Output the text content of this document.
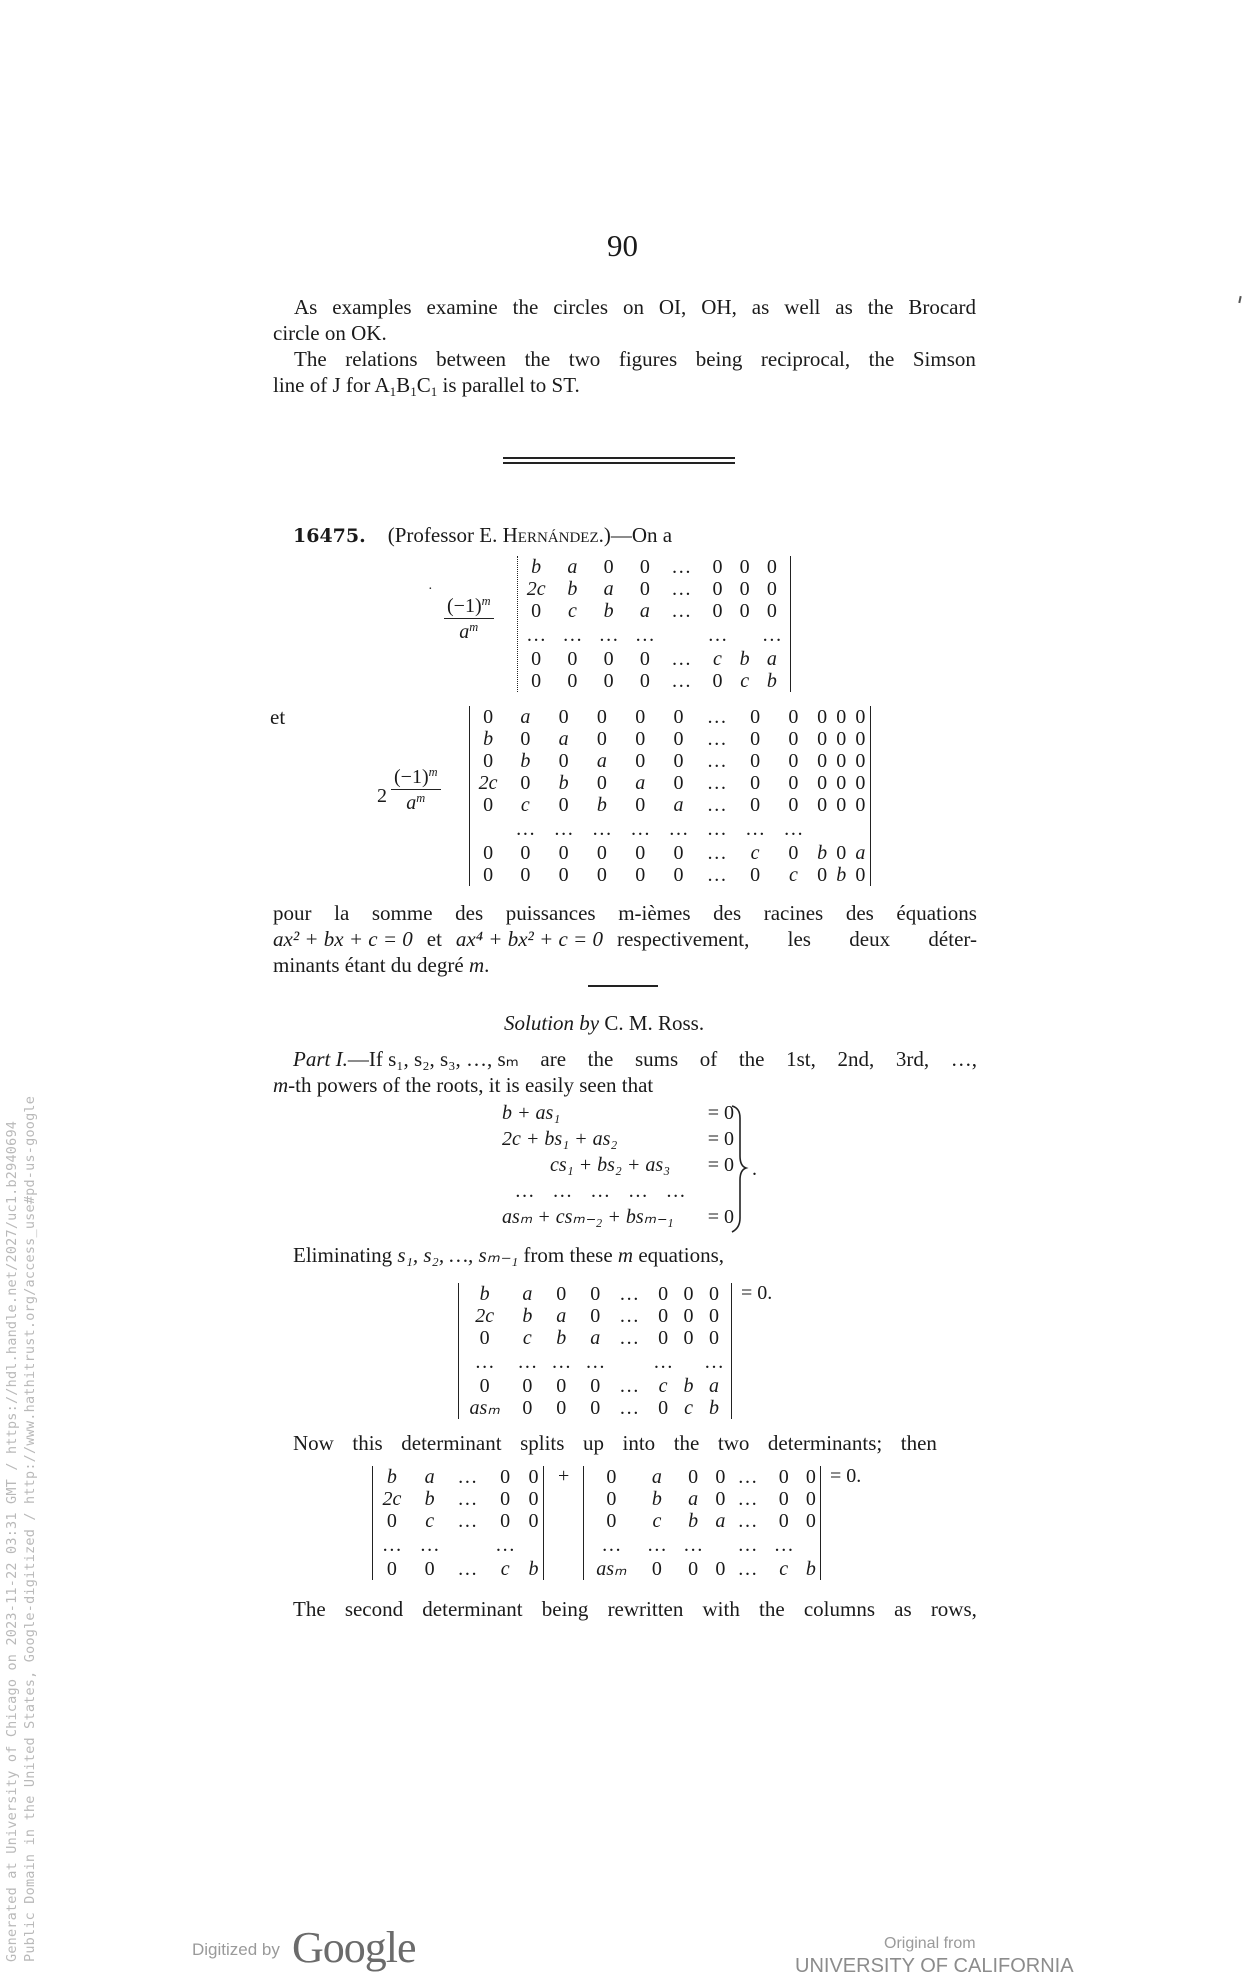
90
As examples examine the circles on OI, OH, as well as the Brocard
circle on OK.
The relations between the two figures being reciprocal, the Simson
line of J for $A_1B_1C_1$ is parallel to ST.
16475. (Professor E. Hernández.)—On a
·
$\frac{(-1)^m}{a^m}$
b	a	0	0	…	0	0	0
2c	b	a	0	…	0	0	0
0	c	b	a	…	0	0	0
…	…	…	…		…		…
0	0	0	0	…	c	b	a
0	0	0	0	…	0	c	b
et
$2 \frac{(-1)^m}{a^m}$
0	a	0	0	0	0	…	0	0	0	0	0
b	0	a	0	0	0	…	0	0	0	0	0
0	b	0	a	0	0	…	0	0	0	0	0
2c	0	b	0	a	0	…	0	0	0	0	0
0	c	0	b	0	a	…	0	0	0	0	0
	…	…	…	…	…	…	…	…			
0	0	0	0	0	0	…	c	0	b	0	a
0	0	0	0	0	0	…	0	c	0	b	0
pour la somme des puissances m-ièmes des racines des équations
ax² + bx + c = 0 et ax⁴ + bx² + c = 0 respectivement, les deux déter-
minants étant du degré m.
Solution by C. M. Ross.
Part I.—If s₁, s₂, s₃, …, sₘ are the sums of the 1st, 2nd, 3rd, …,
m-th powers of the roots, it is easily seen that
b + as₁	= 0
2c + bs₁ + as₂	= 0
cs₁ + bs₂ + as₃ = 0
…    …    …    …    …
asₘ + csₘ₋₂ + bsₘ₋₁ = 0
.
Eliminating s₁, s₂, …, sₘ₋₁ from these m equations,
b	a	0	0	…	0	0	0
2c	b	a	0	…	0	0	0
0	c	b	a	…	0	0	0
…	…	…	…		…		…
0	0	0	0	…	c	b	a
asₘ	0	0	0	…	0	c	b
= 0.
Now this determinant splits up into the two determinants; then
b	a	…	0	0
2c	b	…	0	0
0	c	…	0	0
…	…		…	
0	0	…	c	b
+ 0	a	0	0	…	0	0
0	b	a	0	…	0	0
0	c	b	a	…	0	0
…	…	…		…	…	
asₘ	0	0	0	…	c	b
= 0.
The second determinant being rewritten with the columns as rows,
Generated at University of Chicago on 2023-11-22 03:31 GMT / https://hdl.handle.net/2027/uc1.b2940694 Public Domain in the United States, Google-digitized / http://www.hathitrust.org/access_use#pd-us-google	Digitized by Google	Original from
UNIVERSITY OF CALIFORNIA
